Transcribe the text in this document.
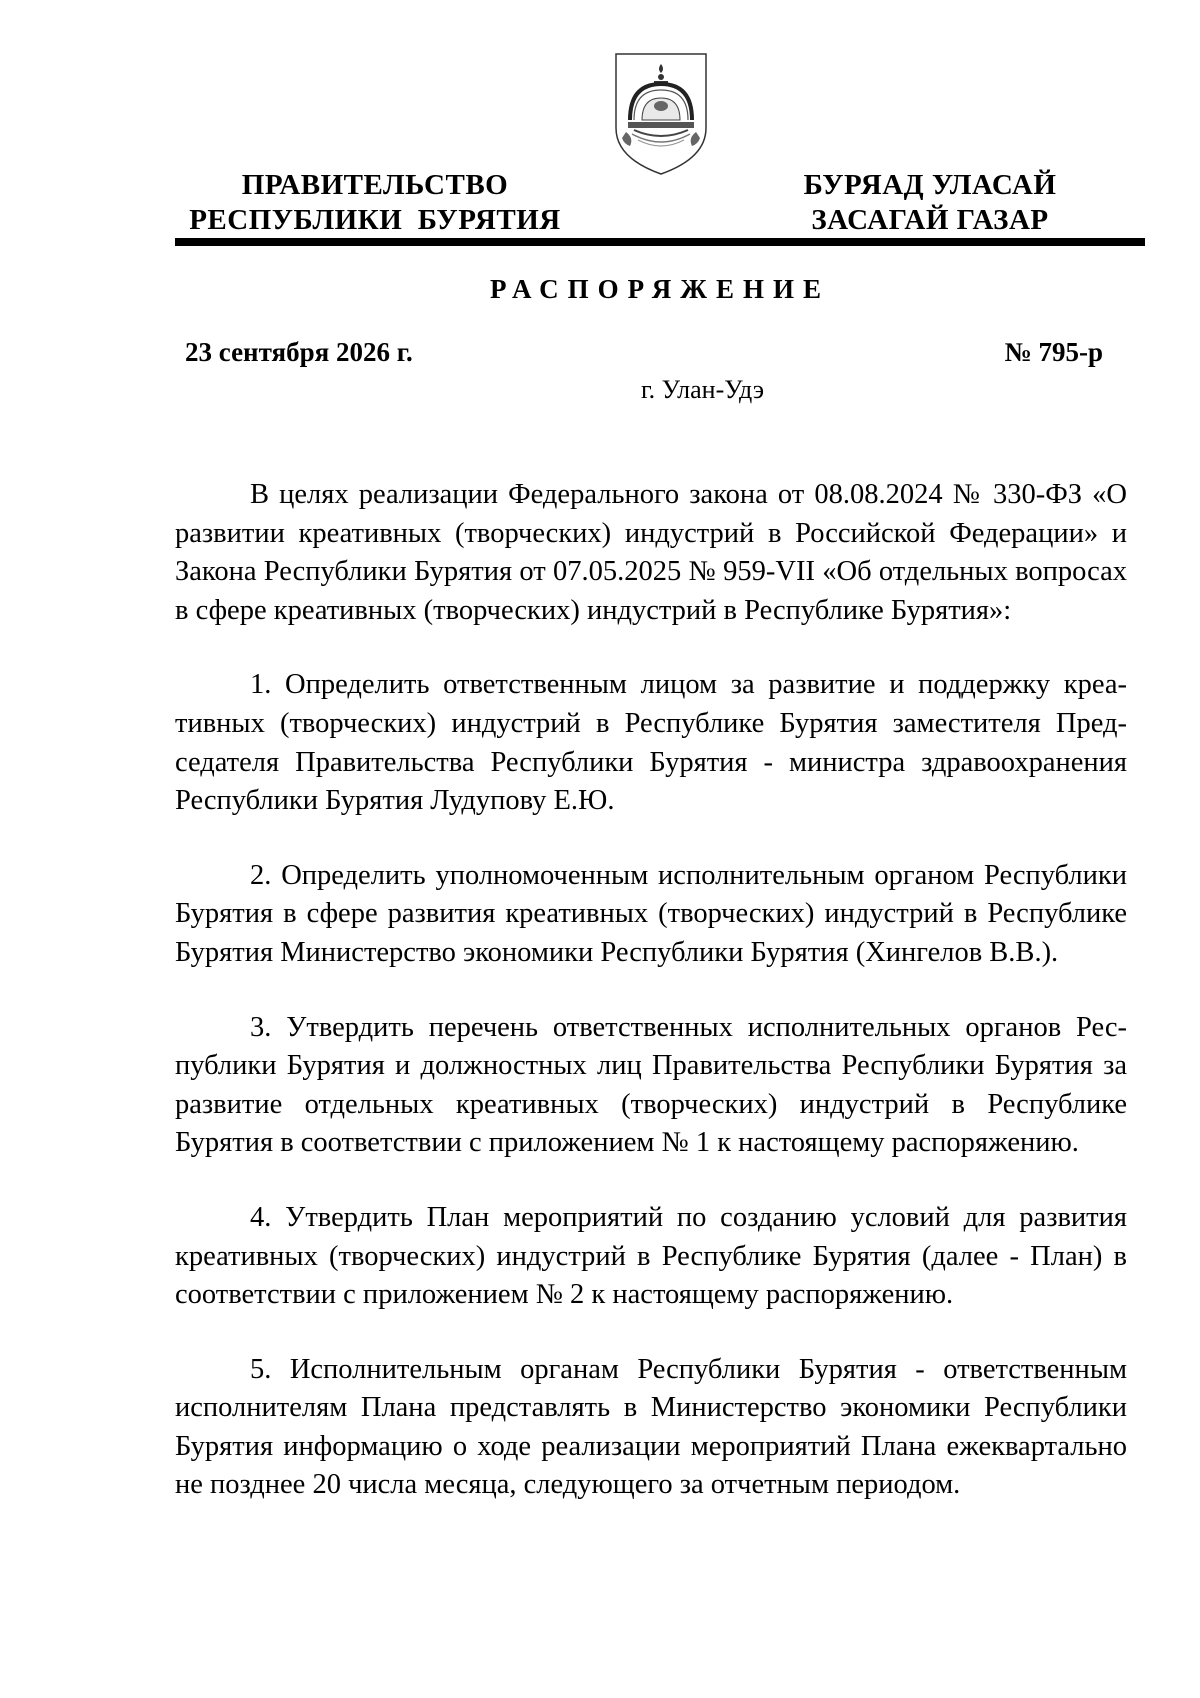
ПРАВИТЕЛЬСТВО
РЕСПУБЛИКИ  БУРЯТИЯ
БУРЯАД УЛАСАЙ
ЗАСАГАЙ ГАЗАР
РАСПОРЯЖЕНИЕ
23 сентября 2026 г.	№ 795-р
г. Улан-Удэ

В целях реализации Федерального закона от 08.08.2024 № 330-ФЗ «О развитии креативных (творческих) индустрий в Российской Федерации» и Закона Республики Бурятия от 07.05.2025 № 959-VII «Об отдельных вопросах в сфере креативных (творческих) индустрий в Республике Бурятия»:

1. Определить ответственным лицом за развитие и поддержку креативных (творческих) индустрий в Республике Бурятия заместителя Председателя Правительства Республики Бурятия - министра здравоохранения Республики Бурятия Лудупову Е.Ю.

2. Определить уполномоченным исполнительным органом Республики Бурятия в сфере развития креативных (творческих) индустрий в Республике Бурятия Министерство экономики Республики Бурятия (Хингелов В.В.).

3. Утвердить перечень ответственных исполнительных органов Республики Бурятия и должностных лиц Правительства Республики Бурятия за развитие отдельных креативных (творческих) индустрий в Республике Бурятия в соответствии с приложением № 1 к настоящему распоряжению.

4. Утвердить План мероприятий по созданию условий для развития креативных (творческих) индустрий в Республике Бурятия (далее - План) в соответствии с приложением № 2 к настоящему распоряжению.

5. Исполнительным органам Республики Бурятия - ответственным исполнителям Плана представлять в Министерство экономики Республики Бурятия информацию о ходе реализации мероприятий Плана ежеквартально не позднее 20 числа месяца, следующего за отчетным периодом.
